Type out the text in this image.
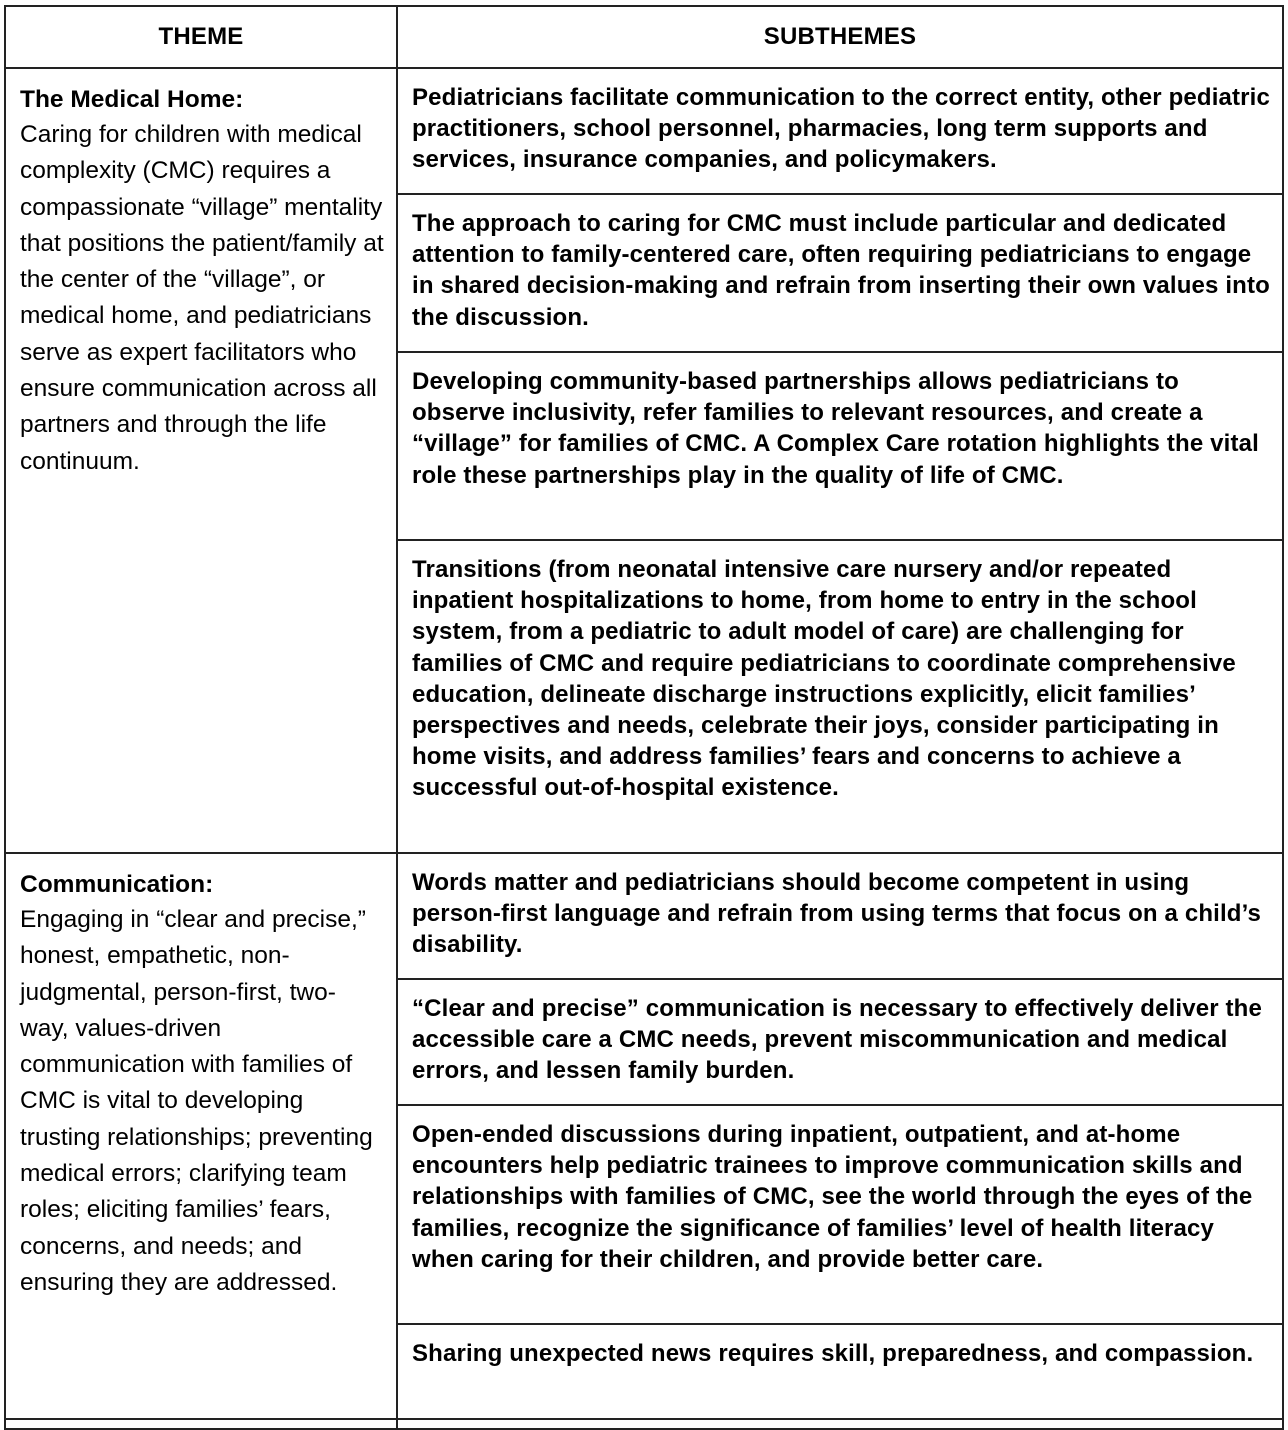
THEME	SUBTHEMES

The Medical Home:
Caring for children with medical complexity (CMC) requires a compassionate “village” mentality that positions the patient/family at the center of the “village”, or medical home, and pediatricians serve as expert facilitators who ensure communication across all partners and through the life continuum.	Pediatricians facilitate communication to the correct entity, other pediatric practitioners, school personnel, pharmacies, long term supports and services, insurance companies, and policymakers.
	The approach to caring for CMC must include particular and dedicated attention to family-centered care, often requiring pediatricians to engage in shared decision-making and refrain from inserting their own values into the discussion.
	Developing community-based partnerships allows pediatricians to observe inclusivity, refer families to relevant resources, and create a “village” for families of CMC. A Complex Care rotation highlights the vital role these partnerships play in the quality of life of CMC.
	Transitions (from neonatal intensive care nursery and/or repeated inpatient hospitalizations to home, from home to entry in the school system, from a pediatric to adult model of care) are challenging for families of CMC and require pediatricians to coordinate comprehensive education, delineate discharge instructions explicitly, elicit families’ perspectives and needs, celebrate their joys, consider participating in home visits, and address families’ fears and concerns to achieve a successful out-of-hospital existence.

Communication:
Engaging in “clear and precise,” honest, empathetic, non-judgmental, person-first, two-way, values-driven communication with families of CMC is vital to developing trusting relationships; preventing medical errors; clarifying team roles; eliciting families’ fears, concerns, and needs; and ensuring they are addressed.	Words matter and pediatricians should become competent in using person-first language and refrain from using terms that focus on a child’s disability.
	“Clear and precise” communication is necessary to effectively deliver the accessible care a CMC needs, prevent miscommunication and medical errors, and lessen family burden.
	Open-ended discussions during inpatient, outpatient, and at-home encounters help pediatric trainees to improve communication skills and relationships with families of CMC, see the world through the eyes of the families, recognize the significance of families’ level of health literacy when caring for their children, and provide better care.
	Sharing unexpected news requires skill, preparedness, and compassion.
